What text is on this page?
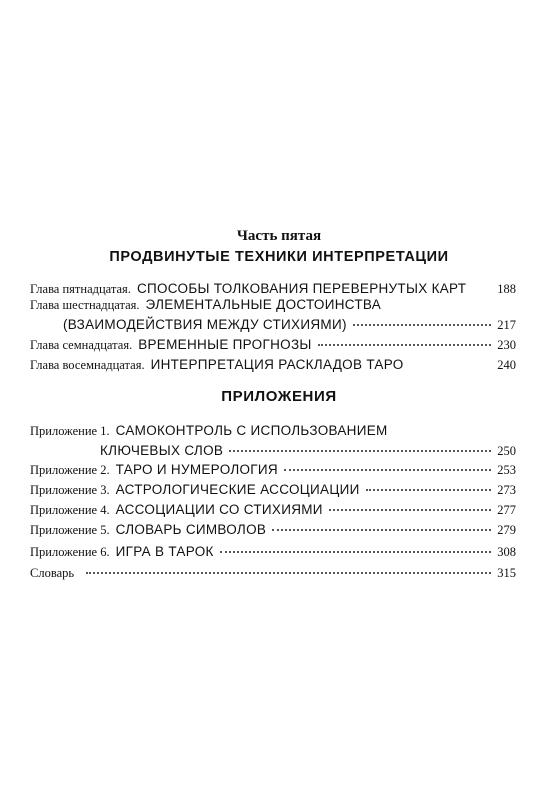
Часть пятая
ПРОДВИНУТЫЕ ТЕХНИКИ ИНТЕРПРЕТАЦИИ
Глава пятнадцатая. СПОСОБЫ ТОЛКОВАНИЯ ПЕРЕВЕРНУТЫХ КАРТ 188
Глава шестнадцатая. ЭЛЕМЕНТАЛЬНЫЕ ДОСТОИНСТВА
(ВЗАИМОДЕЙСТВИЯ МЕЖДУ СТИХИЯМИ)	217
Глава семнадцатая. ВРЕМЕННЫЕ ПРОГНОЗЫ	230
Глава восемнадцатая. ИНТЕРПРЕТАЦИЯ РАСКЛАДОВ ТАРО	240
ПРИЛОЖЕНИЯ
Приложение 1. САМОКОНТРОЛЬ С ИСПОЛЬЗОВАНИЕМ
КЛЮЧЕВЫХ СЛОВ	250
Приложение 2. ТАРО И НУМЕРОЛОГИЯ	253
Приложение 3. АСТРОЛОГИЧЕСКИЕ АССОЦИАЦИИ	273
Приложение 4. АССОЦИАЦИИ СО СТИХИЯМИ	277
Приложение 5. СЛОВАРЬ СИМВОЛОВ	279
Приложение 6. ИГРА В ТАРОК	308
Словарь	315
